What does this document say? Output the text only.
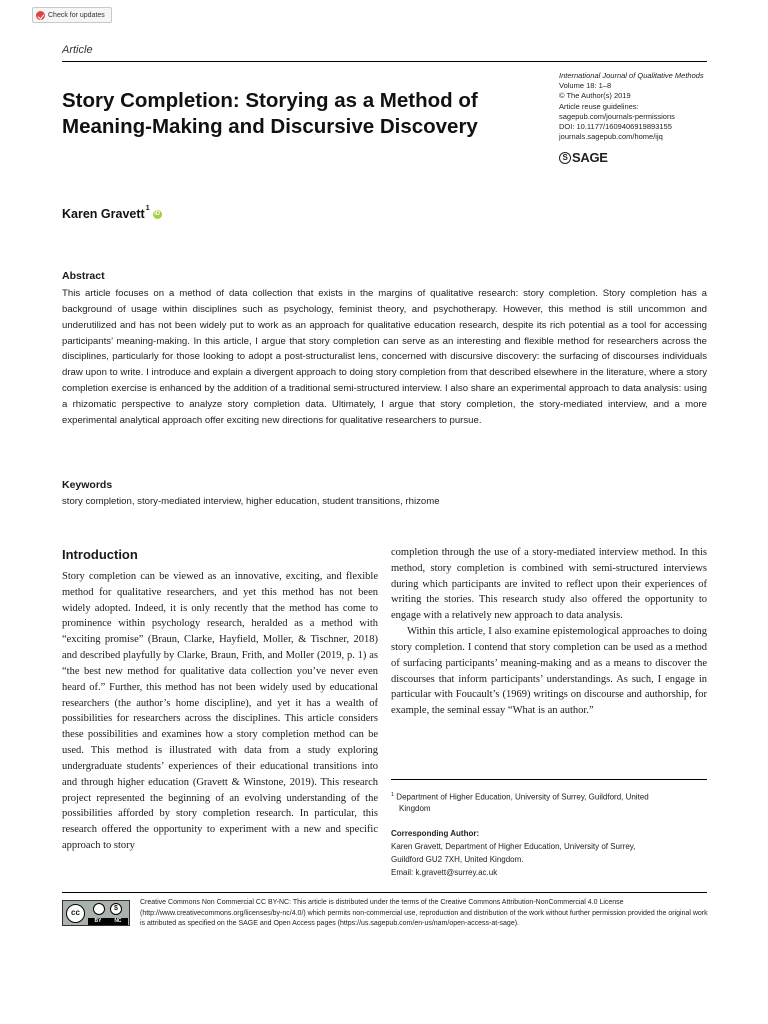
Check for updates
Article
Story Completion: Storying as a Method of Meaning-Making and Discursive Discovery
International Journal of Qualitative Methods
Volume 18: 1–8
© The Author(s) 2019
Article reuse guidelines:
sagepub.com/journals-permissions
DOI: 10.1177/1609406919893155
journals.sagepub.com/home/ijq
S SAGE
Karen Gravett$^1$
iD
Abstract
This article focuses on a method of data collection that exists in the margins of qualitative research: story completion. Story completion has a background of usage within disciplines such as psychology, feminist theory, and psychotherapy. However, this method is still uncommon and underutilized and has not been widely put to work as an approach for qualitative education research, despite its rich potential as a tool for accessing participants’ meaning-making. In this article, I argue that story completion can serve as an interesting and flexible method for researchers across the disciplines, particularly for those looking to adopt a post-structuralist lens, concerned with discursive discovery: the surfacing of discourses individuals draw upon to write. I introduce and explain a divergent approach to doing story completion from that described elsewhere in the literature, where a story completion exercise is enhanced by the addition of a traditional semi-structured interview. I also share an experimental approach to data analysis: using a rhizomatic perspective to analyze story completion data. Ultimately, I argue that story completion, the story-mediated interview, and a more experimental analytical approach offer exciting new directions for qualitative researchers to pursue.
Keywords
story completion, story-mediated interview, higher education, student transitions, rhizome
Introduction

Story completion can be viewed as an innovative, exciting, and flexible method for qualitative researchers, and yet this method has not been widely adopted. Indeed, it is only recently that the method has come to prominence within psychology research, heralded as a method with “exciting promise” (Braun, Clarke, Hayfield, Moller, & Tischner, 2018) and described playfully by Clarke, Braun, Frith, and Moller (2019, p. 1) as “the best new method for qualitative data collection you’ve never even heard of.” Further, this method has not been widely used by educational researchers (the author’s home discipline), and yet it has a wealth of possibilities for researchers across the disciplines. This article considers these possibilities and examines how a story completion method can be used. This method is illustrated with data from a study exploring undergraduate students’ experiences of their educational transitions into and through higher education (Gravett & Winstone, 2019). This research project represented the beginning of an evolving understanding of the possibilities afforded by story completion research. In particular, this research offered the opportunity to experiment with a new and specific approach to story

completion through the use of a story-mediated interview method. In this method, story completion is combined with semi-structured interviews during which participants are invited to reflect upon their experiences of writing the stories. This research study also offered the opportunity to engage with a relatively new approach to data analysis.

Within this article, I also examine epistemological approaches to doing story completion. I contend that story completion can be used as a method of surfacing participants’ meaning-making and as a means to discover the discourses that inform participants’ understandings. As such, I engage in particular with Foucault’s (1969) writings on discourse and authorship, for example, the seminal essay “What is an author.”

$^1$ Department of Higher Education, University of Surrey, Guildford, United
Kingdom
Corresponding Author:
Karen Gravett, Department of Higher Education, University of Surrey,
Guildford GU2 7XH, United Kingdom.
Email: k.gravett@surrey.ac.uk
cc	$
BY	NC
Creative Commons Non Commercial CC BY-NC: This article is distributed under the terms of the Creative Commons Attribution-NonCommercial 4.0 License (http://www.creativecommons.org/licenses/by-nc/4.0/) which permits non-commercial use, reproduction and distribution of the work without further permission provided the original work is attributed as specified on the SAGE and Open Access pages (https://us.sagepub.com/en-us/nam/open-access-at-sage).
